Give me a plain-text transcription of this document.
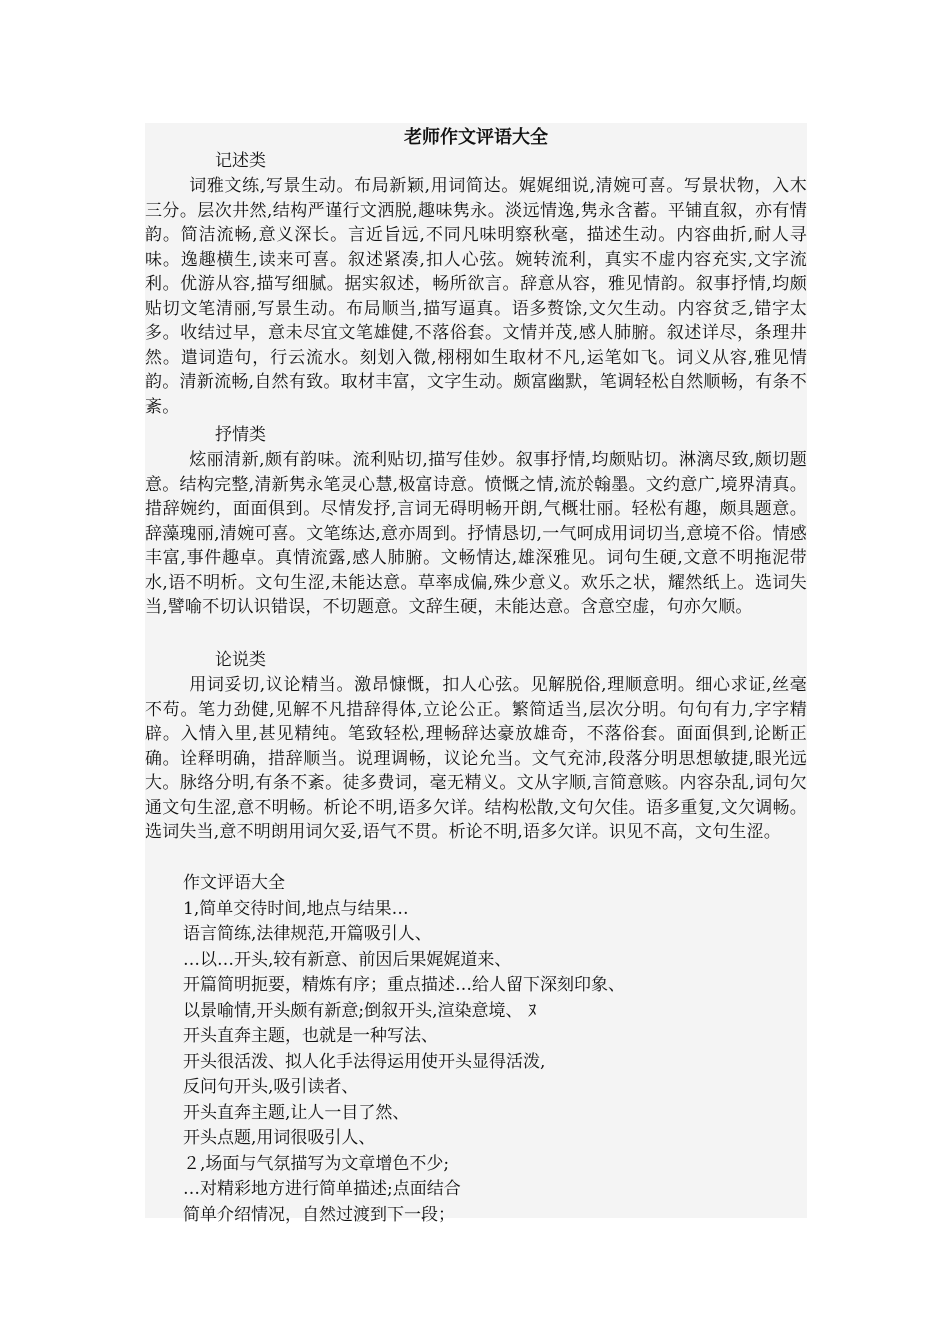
老师作文评语大全
记述类
词雅文练,写景生动。布局新颖,用词简达。娓娓细说,清婉可喜。写景状物，入木三分。层次井然,结构严谨行文洒脱,趣味隽永。淡远情逸,隽永含蓄。平铺直叙，亦有情韵。简洁流畅,意义深长。言近旨远,不同凡味明察秋毫，描述生动。内容曲折,耐人寻味。逸趣横生,读来可喜。叙述紧凑,扣人心弦。婉转流利，真实不虚内容充实,文字流利。优游从容,描写细腻。据实叙述，畅所欲言。辞意从容，雅见情韵。叙事抒情,均颇贴切文笔清丽,写景生动。布局顺当,描写逼真。语多赘馀,文欠生动。内容贫乏,错字太多。收结过早，意未尽宜文笔雄健,不落俗套。文情并茂,感人肺腑。叙述详尽，条理井然。遣词造句，行云流水。刻划入微,栩栩如生取材不凡,运笔如飞。词义从容,雅见情韵。清新流畅,自然有致。取材丰富，文字生动。颇富幽默，笔调轻松自然顺畅，有条不紊。
抒情类
炫丽清新,颇有韵味。流利贴切,描写佳妙。叙事抒情,均颇贴切。淋漓尽致,颇切题意。结构完整,清新隽永笔灵心慧,极富诗意。愤慨之情,流於翰墨。文约意广,境界清真。措辞婉约，面面俱到。尽情发抒,言词无碍明畅开朗,气概壮丽。轻松有趣，颇具题意。辞藻瑰丽,清婉可喜。文笔练达,意亦周到。抒情恳切,一气呵成用词切当,意境不俗。情感丰富,事件趣卓。真情流露,感人肺腑。文畅情达,雄深雅见。词句生硬,文意不明拖泥带水,语不明析。文句生涩,未能达意。草率成偏,殊少意义。欢乐之状，耀然纸上。选词失当,譬喻不切认识错误，不切题意。文辞生硬，未能达意。含意空虚，句亦欠顺。
论说类
用词妥切,议论精当。激昂慷慨，扣人心弦。见解脱俗,理顺意明。细心求证,丝毫不苟。笔力劲健,见解不凡措辞得体,立论公正。繁简适当,层次分明。句句有力,字字精辟。入情入里,甚见精纯。笔致轻松,理畅辞达豪放雄奇，不落俗套。面面俱到,论断正确。诠释明确，措辞顺当。说理调畅，议论允当。文气充沛,段落分明思想敏捷,眼光远大。脉络分明,有条不紊。徒多费词，毫无精义。文从字顺,言简意赅。内容杂乱,词句欠通文句生涩,意不明畅。析论不明,语多欠详。结构松散,文句欠佳。语多重复,文欠调畅。选词失当,意不明朗用词欠妥,语气不贯。析论不明,语多欠详。识见不高，文句生涩。
作文评语大全
1,简单交待时间,地点与结果…
语言简练,法律规范,开篇吸引人、
…以…开头,较有新意、前因后果娓娓道来、
开篇简明扼要，精炼有序；重点描述…给人留下深刻印象、
以景喻情,开头颇有新意;倒叙开头,渲染意境、 ﾇ
开头直奔主题，也就是一种写法、
开头很活泼、拟人化手法得运用使开头显得活泼,
反问句开头,吸引读者、
开头直奔主题,让人一目了然、
开头点题,用词很吸引人、
２,场面与气氛描写为文章增色不少;
…对精彩地方进行简单描述;点面结合
简单介绍情况，自然过渡到下一段；
